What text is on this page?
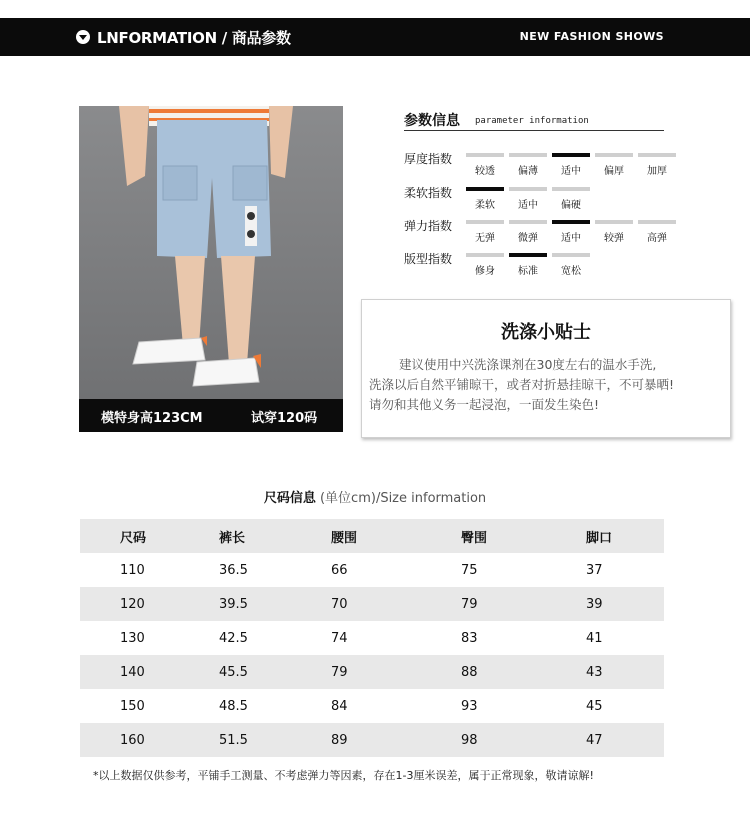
LNFORMATION / 商品参数	NEW FASHION SHOWS
模特身高123CM	试穿120码
参数信息 parameter information
厚度指数
较透	偏薄	适中	偏厚	加厚
柔软指数
柔软	适中	偏硬
弹力指数
无弹	微弹	适中	较弹	高弹
版型指数
修身	标准	宽松
洗涤小贴士
建议使用中兴洗涤课剂在30度左右的温水手洗,
洗涤以后自然平铺晾干，或者对折悬挂晾干，不可暴晒!
请勿和其他义务一起浸泡，一面发生染色!
尺码信息 (单位cm)/Size information
尺码	裤长	腰围	臀围	脚口
110	36.5	66	75	37
120	39.5	70	79	39
130	42.5	74	83	41
140	45.5	79	88	43
150	48.5	84	93	45
160	51.5	89	98	47
*以上数据仅供参考，平铺手工测量、不考虑弹力等因素，存在1-3厘米误差，属于正常现象，敬请谅解!
